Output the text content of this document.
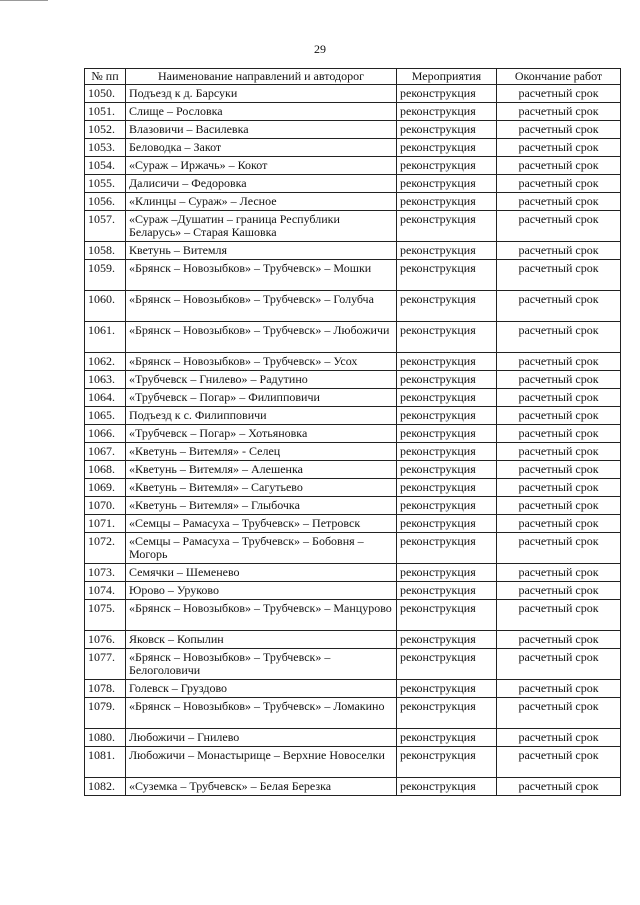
29
№ пп	Наименование направлений и автодорог	Мероприятия	Окончание работ
1050.	Подъезд к д. Барсуки	реконструкция	расчетный срок
1051.	Слище – Рословка	реконструкция	расчетный срок
1052.	Влазовичи – Василевка	реконструкция	расчетный срок
1053.	Беловодка – Закот	реконструкция	расчетный срок
1054.	«Сураж – Иржачь» – Кокот	реконструкция	расчетный срок
1055.	Далисичи – Федоровка	реконструкция	расчетный срок
1056.	«Клинцы – Сураж» – Лесное	реконструкция	расчетный срок
1057.	«Сураж –Душатин – граница Республики Беларусь» – Старая Кашовка	реконструкция	расчетный срок
1058.	Кветунь – Витемля	реконструкция	расчетный срок
1059.	«Брянск – Новозыбков» – Трубчевск» – Мошки	реконструкция	расчетный срок
1060.	«Брянск – Новозыбков» – Трубчевск» – Голубча	реконструкция	расчетный срок
1061.	«Брянск – Новозыбков» – Трубчевск» – Любожичи	реконструкция	расчетный срок
1062.	«Брянск – Новозыбков» – Трубчевск» – Усох	реконструкция	расчетный срок
1063.	«Трубчевск – Гнилево» – Радутино	реконструкция	расчетный срок
1064.	«Трубчевск – Погар» – Филипповичи	реконструкция	расчетный срок
1065.	Подъезд к с. Филипповичи	реконструкция	расчетный срок
1066.	«Трубчевск – Погар» – Хотьяновка	реконструкция	расчетный срок
1067.	«Кветунь – Витемля» - Селец	реконструкция	расчетный срок
1068.	«Кветунь – Витемля» – Алешенка	реконструкция	расчетный срок
1069.	«Кветунь – Витемля» – Сагутьево	реконструкция	расчетный срок
1070.	«Кветунь – Витемля» – Глыбочка	реконструкция	расчетный срок
1071.	«Семцы – Рамасуха – Трубчевск» – Петровск	реконструкция	расчетный срок
1072.	«Семцы – Рамасуха – Трубчевск» – Бобовня – Могорь	реконструкция	расчетный срок
1073.	Семячки – Шеменево	реконструкция	расчетный срок
1074.	Юрово – Уруково	реконструкция	расчетный срок
1075.	«Брянск – Новозыбков» – Трубчевск» – Манцурово	реконструкция	расчетный срок
1076.	Яковск – Копылин	реконструкция	расчетный срок
1077.	«Брянск – Новозыбков» – Трубчевск» – Белоголовичи	реконструкция	расчетный срок
1078.	Голевск – Груздово	реконструкция	расчетный срок
1079.	«Брянск – Новозыбков» – Трубчевск» – Ломакино	реконструкция	расчетный срок
1080.	Любожичи – Гнилево	реконструкция	расчетный срок
1081.	Любожичи – Монастырище – Верхние Новоселки	реконструкция	расчетный срок
1082.	«Суземка – Трубчевск» – Белая Березка	реконструкция	расчетный срок
